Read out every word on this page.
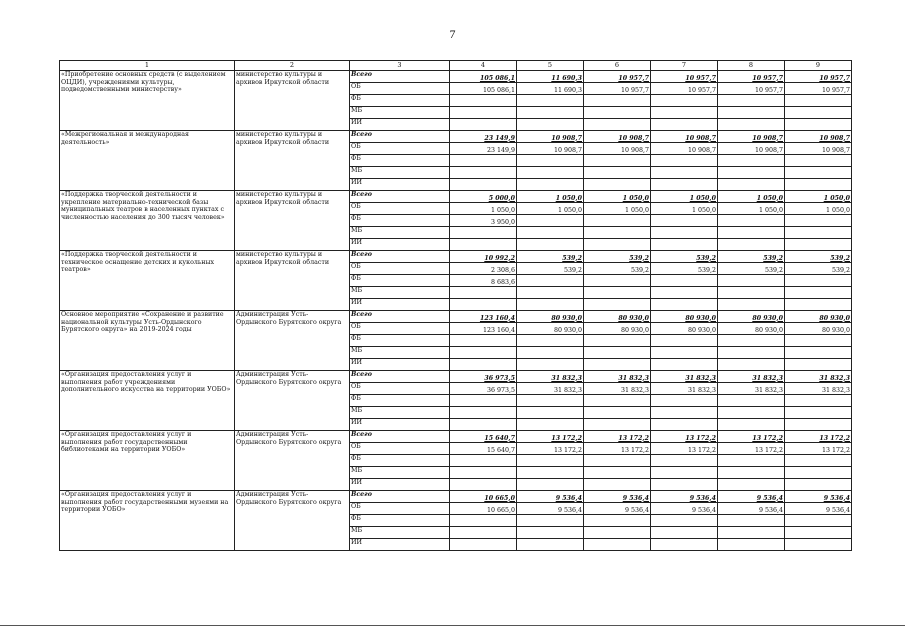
7
1	2	3	4	5	6	7	8	9
«Приобретение основных средств (с выделением ОЦДИ), учреждениями культуры, подведомственными министерству»	министерство культуры и архивов Иркутской области	Всего	105 086,1	11 690,3	10 957,7	10 957,7	10 957,7	10 957,7
		ОБ	105 086,1	11 690,3	10 957,7	10 957,7	10 957,7	10 957,7
		ФБ						
		МБ						
		ИИ						
«Межрегиональная и международная деятельность»	министерство культуры и архивов Иркутской области	Всего	23 149,9	10 908,7	10 908,7	10 908,7	10 908,7	10 908,7
		ОБ	23 149,9	10 908,7	10 908,7	10 908,7	10 908,7	10 908,7
		ФБ						
		МБ						
		ИИ						
«Поддержка творческой деятельности и укрепление материально-технической базы муниципальных театров в населенных пунктах с численностью населения до 300 тысяч человек»	министерство культуры и архивов Иркутской области	Всего	5 000,0	1 050,0	1 050,0	1 050,0	1 050,0	1 050,0
		ОБ	1 050,0	1 050,0	1 050,0	1 050,0	1 050,0	1 050,0
		ФБ	3 950,0					
		МБ						
		ИИ						
«Поддержка творческой деятельности и техническое оснащение детских и кукольных театров»	министерство культуры и архивов Иркутской области	Всего	10 992,2	539,2	539,2	539,2	539,2	539,2
		ОБ	2 308,6	539,2	539,2	539,2	539,2	539,2
		ФБ	8 683,6					
		МБ						
		ИИ						
Основное мероприятие «Сохранение и развитие национальной культуры Усть-Ордынского Бурятского округа» на 2019-2024 годы	Администрация Усть-Ордынского Бурятского округа	Всего	123 160,4	80 930,0	80 930,0	80 930,0	80 930,0	80 930,0
		ОБ	123 160,4	80 930,0	80 930,0	80 930,0	80 930,0	80 930,0
		ФБ						
		МБ						
		ИИ						
«Организация предоставления услуг и выполнения работ учреждениями дополнительного искусства на территории УОБО»	Администрация Усть-Ордынского Бурятского округа	Всего	36 973,5	31 832,3	31 832,3	31 832,3	31 832,3	31 832,3
		ОБ	36 973,5	31 832,3	31 832,3	31 832,3	31 832,3	31 832,3
		ФБ						
		МБ						
		ИИ						
«Организация предоставления услуг и выполнения работ государственными библиотеками на территории УОБО»	Администрация Усть-Ордынского Бурятского округа	Всего	15 640,7	13 172,2	13 172,2	13 172,2	13 172,2	13 172,2
		ОБ	15 640,7	13 172,2	13 172,2	13 172,2	13 172,2	13 172,2
		ФБ						
		МБ						
		ИИ						
«Организация предоставления услуг и выполнения работ государственными музеями на территории УОБО»	Администрация Усть-Ордынского Бурятского округа	Всего	10 665,0	9 536,4	9 536,4	9 536,4	9 536,4	9 536,4
		ОБ	10 665,0	9 536,4	9 536,4	9 536,4	9 536,4	9 536,4
		ФБ						
		МБ						
		ИИ						
